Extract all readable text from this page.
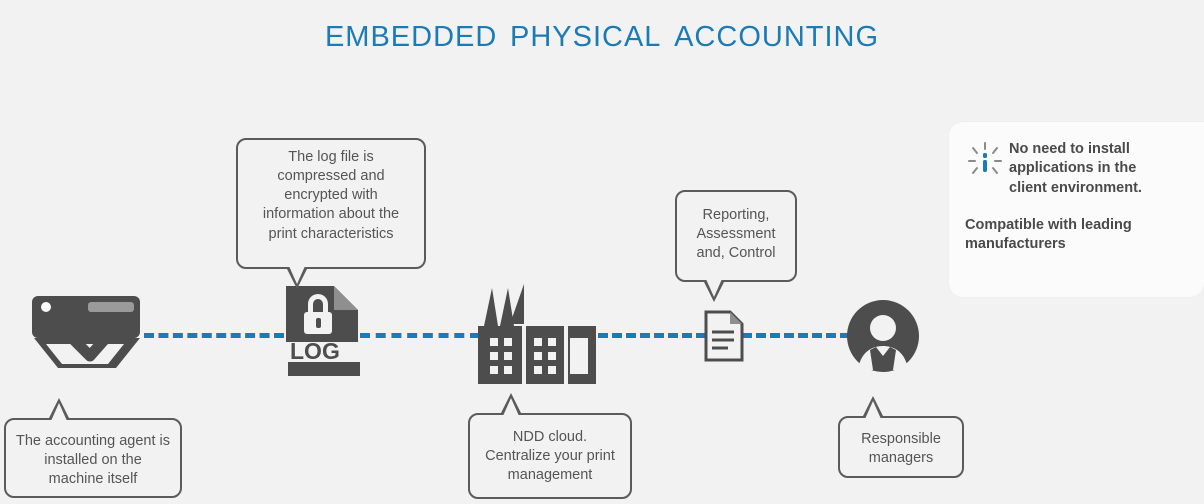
embedded physical accounting
LOG
The log file is compressed and encrypted with information about the print characteristics
Reporting, Assessment and, Control
The accounting agent is installed on the machine itself
NDD cloud. Centralize your print management
Responsible managers
No need to install applications in the client environment.
Compatible with leading manufacturers
